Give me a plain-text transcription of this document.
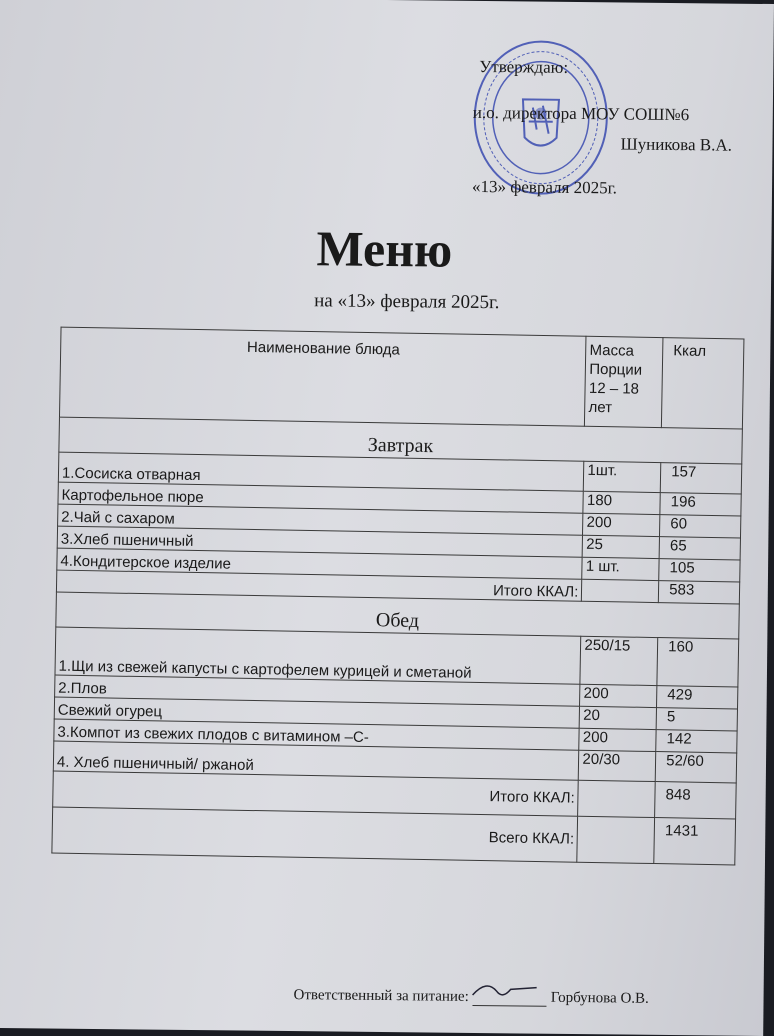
Утверждаю:
и.о. директора МОУ СОШ№6
Шуникова В.А.
«13» февраля 2025г.
Меню
на «13» февраля 2025г.
Наименование блюда	Масса Порции 12 – 18 лет	Ккал
Завтрак		
1.Сосиска отварная	1шт.	157
Картофельное пюре	180	196
2.Чай с сахаром	200	60
3.Хлеб пшеничный	25	65
4.Кондитерское изделие	1 шт.	105
Итого ККАЛ:		583
Обед		
1.Щи из свежей капусты с картофелем курицей и сметаной	250/15	160
2.Плов	200	429
Свежий огурец	20	5
3.Компот из свежих плодов с витамином –С-	200	142
4. Хлеб пшеничный/ ржаной	20/30	52/60
Итого ККАЛ:		848
Всего ККАЛ:		1431
Ответственный за питание:	Горбунова О.В.
